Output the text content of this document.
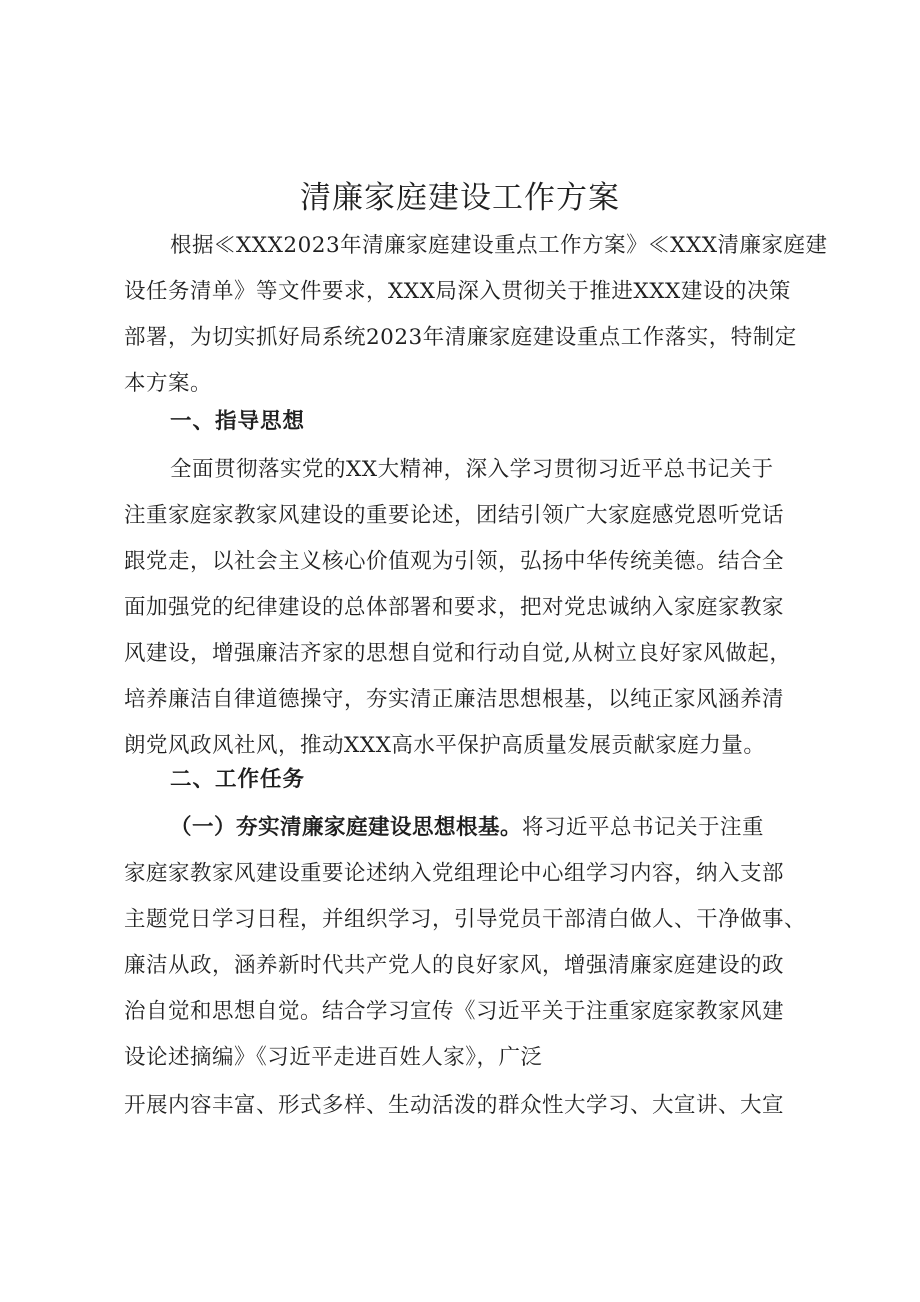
清廉家庭建设工作方案
根据≪XXX2023年清廉家庭建设重点工作方案》≪XXX清廉家庭建
设任务清单》等文件要求，XXX局深入贯彻关于推进XXX建设的决策
部署，为切实抓好局系统2023年清廉家庭建设重点工作落实，特制定
本方案。
一、指导思想
全面贯彻落实党的XX大精神，深入学习贯彻习近平总书记关于
注重家庭家教家风建设的重要论述，团结引领广大家庭感党恩听党话
跟党走，以社会主义核心价值观为引领，弘扬中华传统美德。结合全
面加强党的纪律建设的总体部署和要求，把对党忠诚纳入家庭家教家
风建设，增强廉洁齐家的思想自觉和行动自觉,从树立良好家风做起，
培养廉洁自律道德操守，夯实清正廉洁思想根基，以纯正家风涵养清
朗党风政风社风，推动XXX高水平保护高质量发展贡献家庭力量。
二、工作任务
（一）夯实清廉家庭建设思想根基。将习近平总书记关于注重
家庭家教家风建设重要论述纳入党组理论中心组学习内容，纳入支部
主题党日学习日程，并组织学习，引导党员干部清白做人、干净做事、
廉洁从政，涵养新时代共产党人的良好家风，增强清廉家庭建设的政
治自觉和思想自觉。结合学习宣传《习近平关于注重家庭家教家风建
设论述摘编》《习近平走进百姓人家》，广泛
开展内容丰富、形式多样、生动活泼的群众性大学习、大宣讲、大宣
